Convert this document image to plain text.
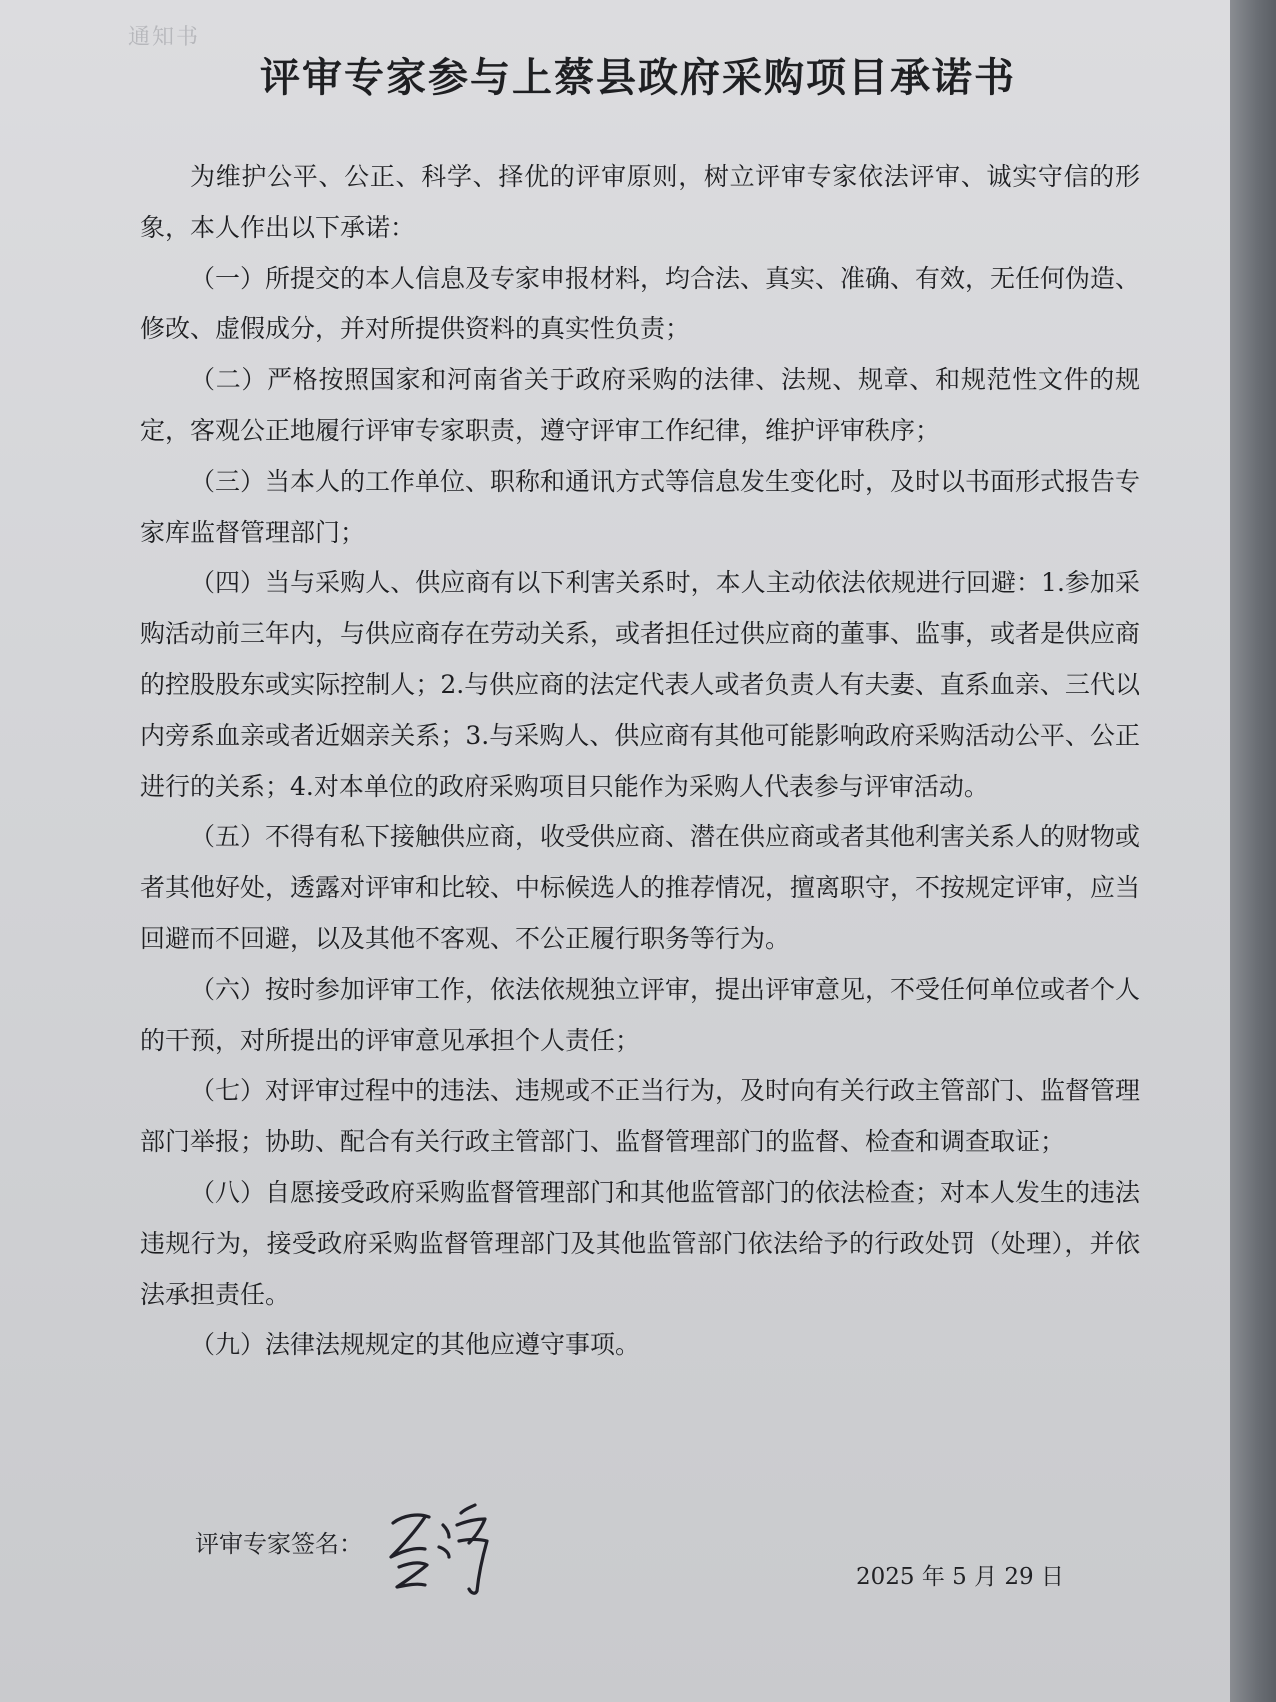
通知书
评审专家参与上蔡县政府采购项目承诺书

为维护公平、公正、科学、择优的评审原则，树立评审专家依法评审、诚实守信的形象，本人作出以下承诺：

（一）所提交的本人信息及专家申报材料，均合法、真实、准确、有效，无任何伪造、修改、虚假成分，并对所提供资料的真实性负责；

（二）严格按照国家和河南省关于政府采购的法律、法规、规章、和规范性文件的规定，客观公正地履行评审专家职责，遵守评审工作纪律，维护评审秩序；

（三）当本人的工作单位、职称和通讯方式等信息发生变化时，及时以书面形式报告专家库监督管理部门；

（四）当与采购人、供应商有以下利害关系时，本人主动依法依规进行回避：1.参加采购活动前三年内，与供应商存在劳动关系，或者担任过供应商的董事、监事，或者是供应商的控股股东或实际控制人；2.与供应商的法定代表人或者负责人有夫妻、直系血亲、三代以内旁系血亲或者近姻亲关系；3.与采购人、供应商有其他可能影响政府采购活动公平、公正进行的关系；4.对本单位的政府采购项目只能作为采购人代表参与评审活动。

（五）不得有私下接触供应商，收受供应商、潜在供应商或者其他利害关系人的财物或者其他好处，透露对评审和比较、中标候选人的推荐情况，擅离职守，不按规定评审，应当回避而不回避，以及其他不客观、不公正履行职务等行为。

（六）按时参加评审工作，依法依规独立评审，提出评审意见，不受任何单位或者个人的干预，对所提出的评审意见承担个人责任；

（七）对评审过程中的违法、违规或不正当行为，及时向有关行政主管部门、监督管理部门举报；协助、配合有关行政主管部门、监督管理部门的监督、检查和调查取证；

（八）自愿接受政府采购监督管理部门和其他监管部门的依法检查；对本人发生的违法违规行为，接受政府采购监督管理部门及其他监管部门依法给予的行政处罚（处理），并依法承担责任。

（九）法律法规规定的其他应遵守事项。

评审专家签名：
2025 年 5 月 29 日
